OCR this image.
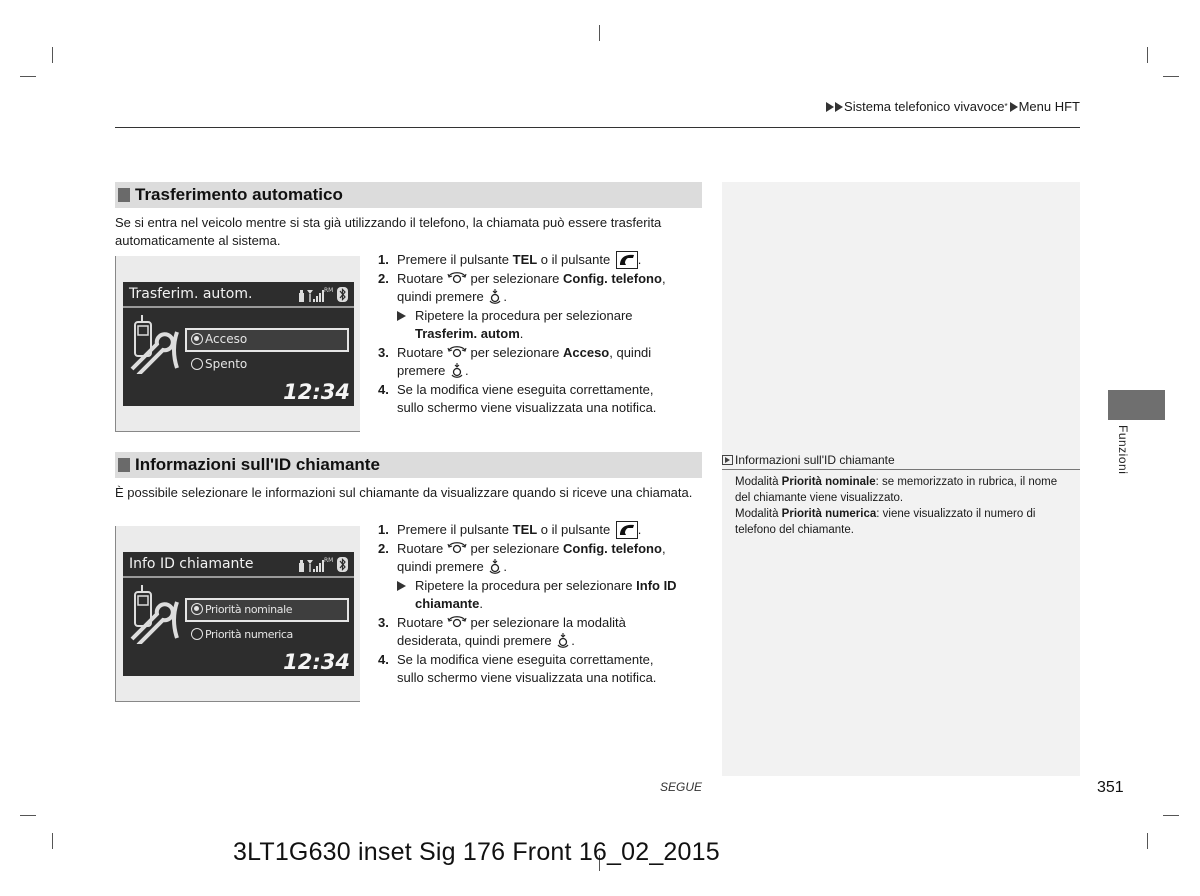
Sistema telefonico vivavoce * Menu HFT
Funzioni
Trasferimento automatico
Se si entra nel veicolo mentre si sta già utilizzando il telefono, la chiamata può essere trasferita automaticamente al sistema.
Trasferim. autom.	RM
Acceso
Spento
12:34
1. Premere il pulsante TEL o il pulsante .
2. Ruotare  per selezionare Config. telefono,
quindi premere .
Ripetere la procedura per selezionare
Trasferim. autom.
3. Ruotare  per selezionare Acceso, quindi
premere .
4. Se la modifica viene eseguita correttamente,
sullo schermo viene visualizzata una notifica.
Informazioni sull'ID chiamante
È possibile selezionare le informazioni sul chiamante da visualizzare quando si riceve una chiamata.
Info ID chiamante	RM
Priorità nominale
Priorità numerica
12:34
1. Premere il pulsante TEL o il pulsante .
2. Ruotare  per selezionare Config. telefono,
quindi premere .
Ripetere la procedura per selezionare Info ID
chiamante.
3. Ruotare  per selezionare la modalità
desiderata, quindi premere .
4. Se la modifica viene eseguita correttamente,
sullo schermo viene visualizzata una notifica.
Informazioni sull'ID chiamante
Modalità Priorità nominale: se memorizzato in rubrica, il nome del chiamante viene visualizzato.
Modalità Priorità numerica: viene visualizzato il numero di telefono del chiamante.
SEGUE	351
3LT1G630 inset Sig 176 Front 16_02_2015
